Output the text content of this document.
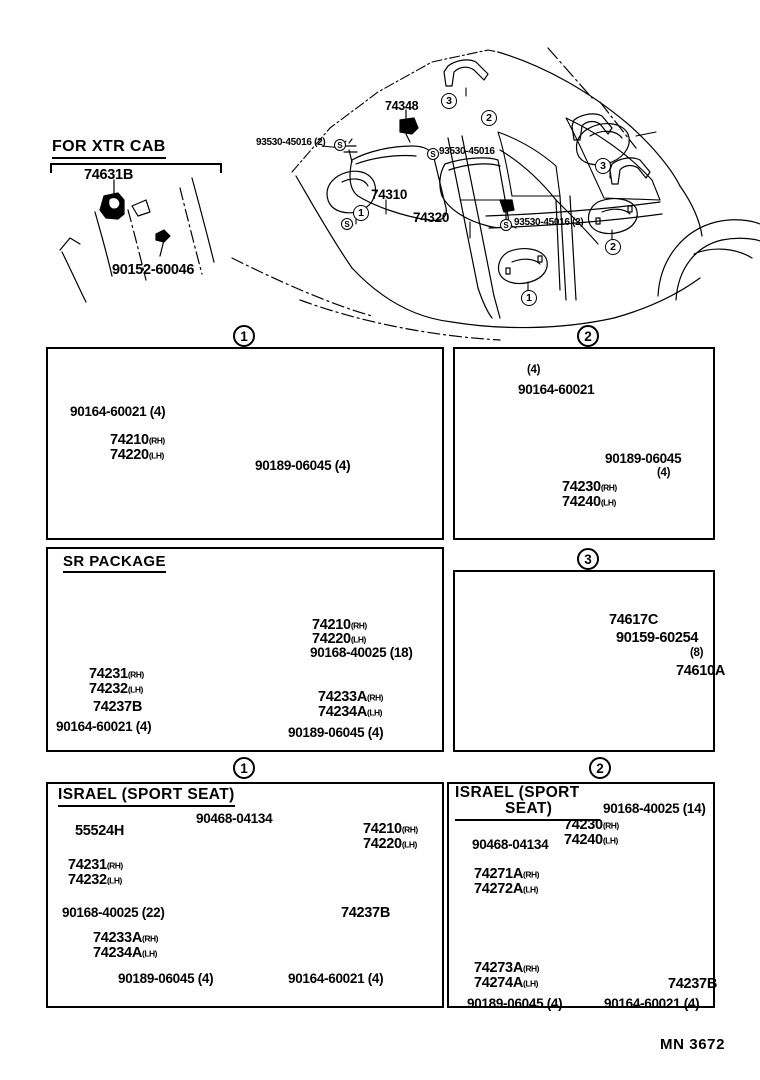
FOR XTR CAB
74631B
90152-60046
74348
74310
74320
93530-45016 (2)
93530-45016
93530-45016 (2)
1
2
3
3
2
1
S
S
S
S
1
90164-60021 (4)
74210(RH)
74220(LH)
90189-06045 (4)
2
90164-60021
(4)
90189-06045
(4)
74230(RH)
74240(LH)
SR PACKAGE
74210(RH)
74220(LH)
90168-40025 (18)
74231(RH)
74232(LH)
74237B
90164-60021 (4)
74233A(RH)
74234A(LH)
90189-06045 (4)
3
74617C
90159-60254
(8)
74610A
1
ISRAEL (SPORT SEAT)
55524H
90468-04134
74210(RH)
74220(LH)
74231(RH)
74232(LH)
90168-40025 (22)	74237B
74233A(RH)
74234A(LH)
90189-06045 (4)	90164-60021 (4)
2
ISRAEL (SPORT
SEAT)	90168-40025 (14)
74230(RH)
74240(LH)
90468-04134
74271A(RH)
74272A(LH)
74273A(RH)
74274A(LH)	74237B
90189-06045 (4)	90164-60021 (4)
MN 3672
